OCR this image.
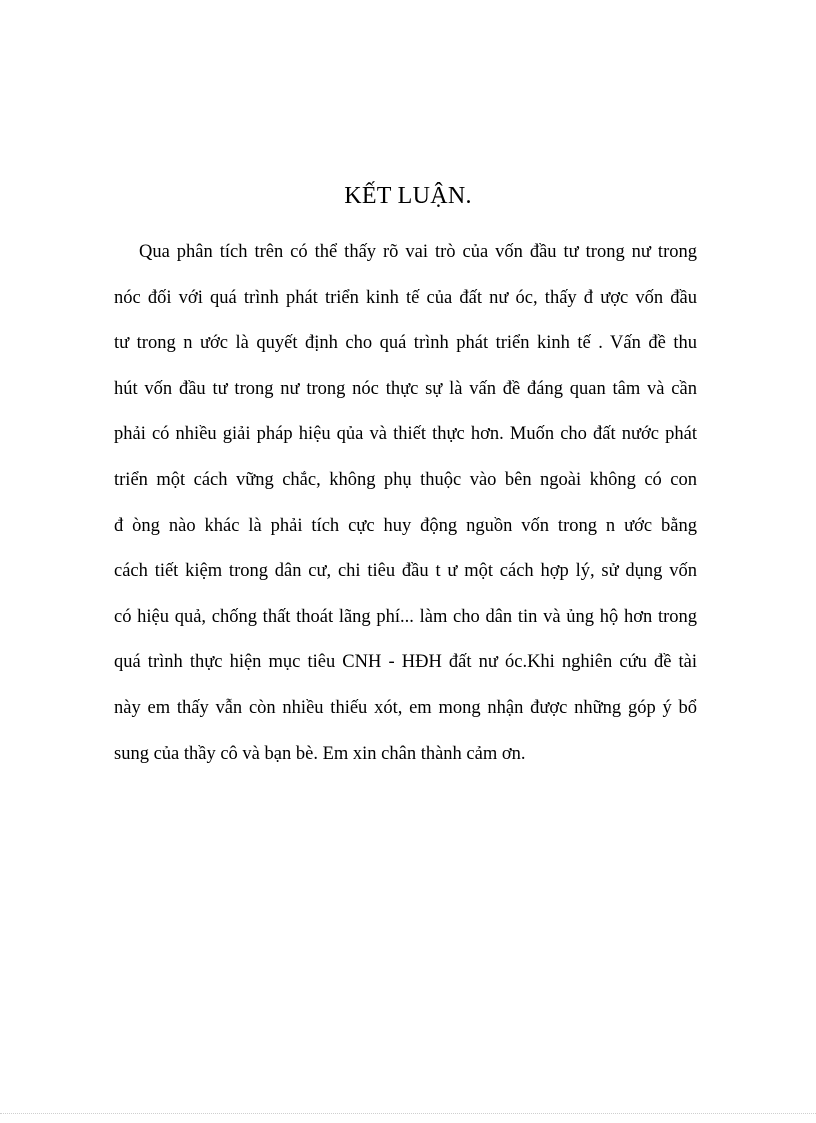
KẾT LUẬN.
Qua phân tích trên có thể thấy rõ vai trò của vốn đầu tư trong nư trong
nóc đối với quá trình phát triển kinh tế của đất nư óc, thấy đ ược vốn đầu
tư trong n ước là quyết định cho quá trình phát triển kinh tế . Vấn đề thu
hút vốn đầu tư trong nư trong nóc thực sự là vấn đề đáng quan tâm và cần
phải có nhiều giải pháp hiệu qủa và thiết thực hơn. Muốn cho đất nước phát
triển một cách vững chắc, không phụ thuộc vào bên ngoài không có con
đ òng nào khác là phải tích cực huy động nguồn vốn trong n ước bằng
cách tiết kiệm trong dân cư, chi tiêu đầu t ư một cách hợp lý, sử dụng vốn
có hiệu quả, chống thất thoát lãng phí... làm cho dân tin và ủng hộ hơn trong
quá trình thực hiện mục tiêu CNH - HĐH đất nư óc.Khi nghiên cứu đề tài
này em thấy vẫn còn nhiều thiếu xót, em mong nhận được những góp ý bổ
sung của thầy cô và bạn bè. Em xin chân thành cảm ơn.
